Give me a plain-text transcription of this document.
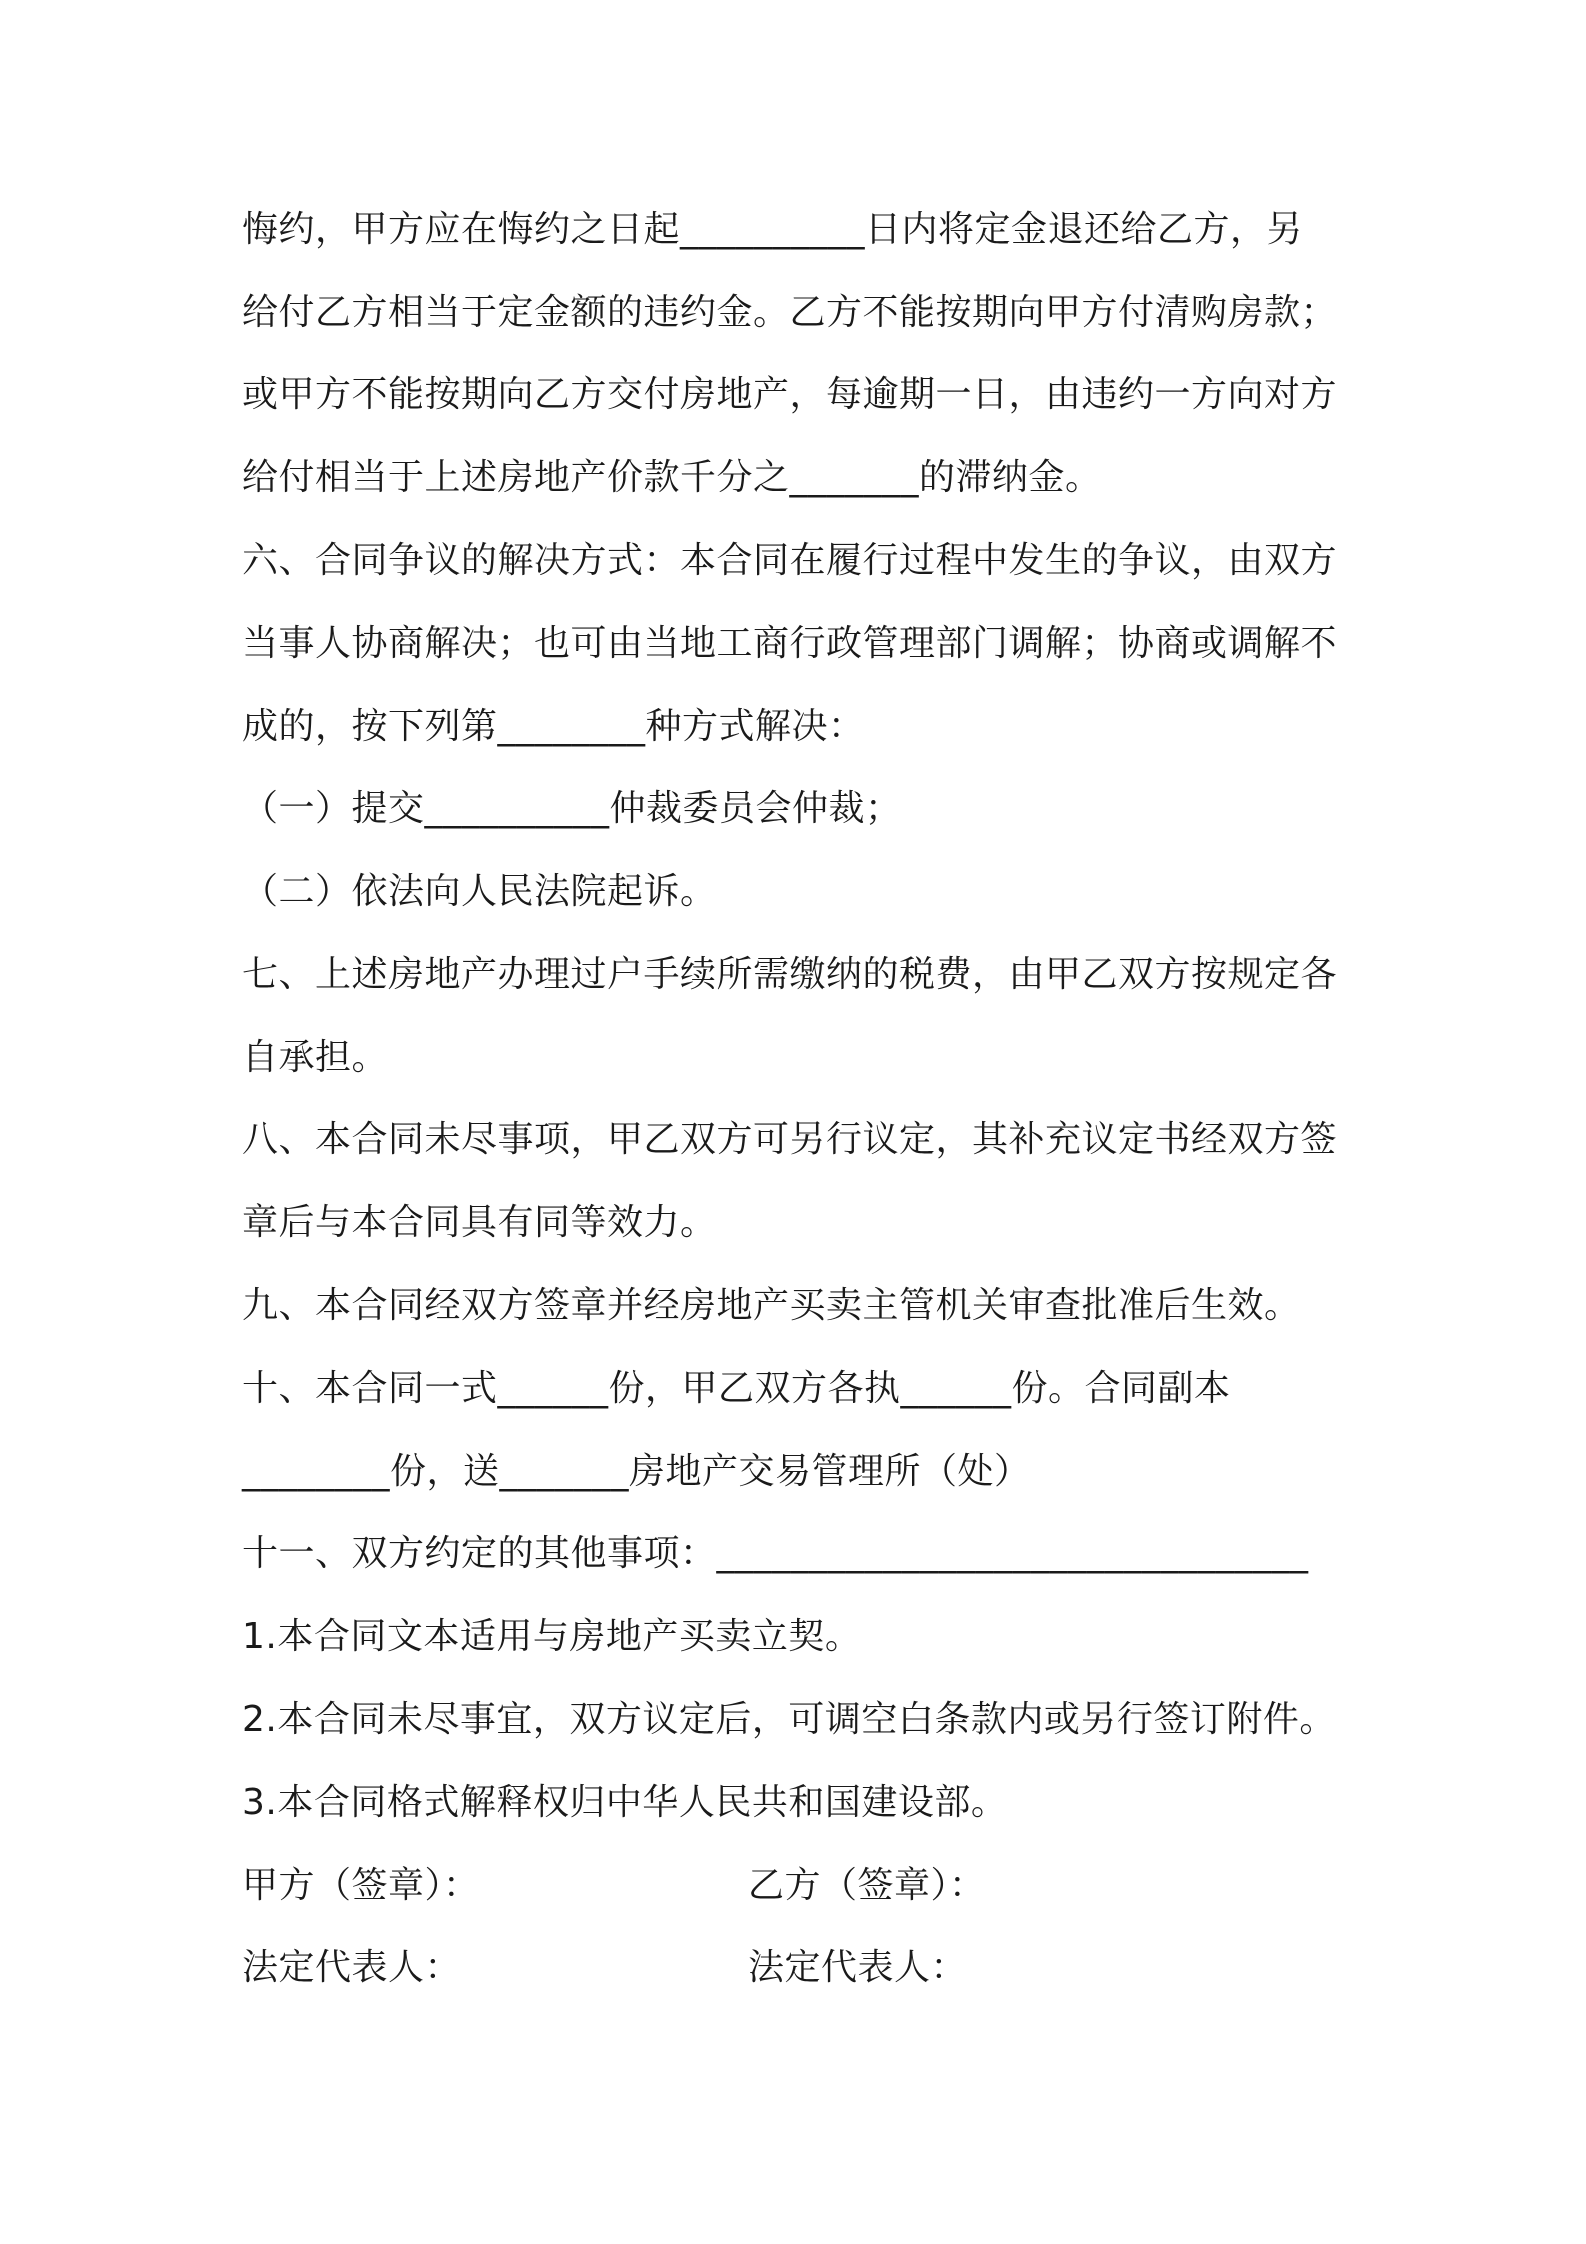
悔约，甲方应在悔约之日起__________日内将定金退还给乙方，另
给付乙方相当于定金额的违约金。乙方不能按期向甲方付清购房款；
或甲方不能按期向乙方交付房地产，每逾期一日，由违约一方向对方
给付相当于上述房地产价款千分之_______的滞纳金。
六、合同争议的解决方式：本合同在履行过程中发生的争议，由双方
当事人协商解决；也可由当地工商行政管理部门调解；协商或调解不
成的，按下列第________种方式解决：
（一）提交__________仲裁委员会仲裁；
（二）依法向人民法院起诉。
七、上述房地产办理过户手续所需缴纳的税费，由甲乙双方按规定各
自承担。
八、本合同未尽事项，甲乙双方可另行议定，其补充议定书经双方签
章后与本合同具有同等效力。
九、本合同经双方签章并经房地产买卖主管机关审查批准后生效。
十、本合同一式______份，甲乙双方各执______份。合同副本
________份，送_______房地产交易管理所（处）
十一、双方约定的其他事项：________________________________
1.本合同文本适用与房地产买卖立契。
2.本合同未尽事宜，双方议定后，可调空白条款内或另行签订附件。
3.本合同格式解释权归中华人民共和国建设部。
甲方（签章）：	乙方（签章）：
法定代表人：	法定代表人：
